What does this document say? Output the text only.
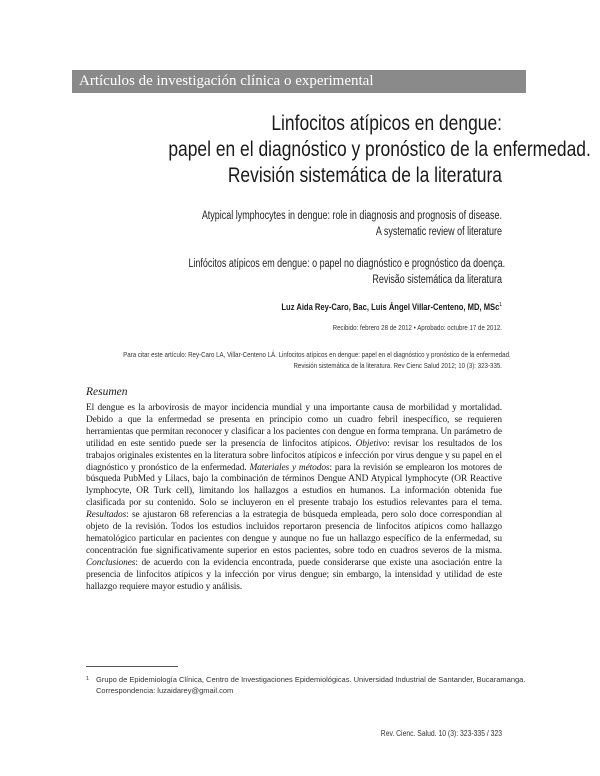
Artículos de investigación clínica o experimental
Linfocitos atípicos en dengue:
papel en el diagnóstico y pronóstico de la enfermedad.
Revisión sistemática de la literatura
Atypical lymphocytes in dengue: role in diagnosis and prognosis of disease.
A systematic review of literature
Linfócitos atípicos em dengue: o papel no diagnóstico e prognóstico da doença.
Revisão sistemática da literatura
Luz Aida Rey-Caro, Bac, Luis Ángel Villar-Centeno, MD, MSc$^1$
Recibido: febrero 28 de 2012 • Aprobado: octubre 17 de 2012.
Para citar este artículo: Rey-Caro LA, Villar-Centeno LÁ. Linfocitos atípicos en dengue: papel en el diagnóstico y pronóstico de la enfermedad.
Revisión sistemática de la literatura. Rev Cienc Salud 2012; 10 (3): 323-335.
Resumen

El dengue es la arbovirosis de mayor incidencia mundial y una importante causa de morbilidad y mortalidad. Debido a que la enfermedad se presenta en principio como un cuadro febril inespecífico, se requieren herramientas que permitan reconocer y clasificar a los pacientes con dengue en forma temprana. Un parámetro de utilidad en este sentido puede ser la presencia de linfocitos atípicos. Objetivo: revisar los resultados de los trabajos originales existentes en la literatura sobre linfocitos atípicos e infección por virus dengue y su papel en el diagnóstico y pronóstico de la enfermedad. Materiales y métodos: para la revisión se emplearon los motores de búsqueda PubMed y Lilacs, bajo la combinación de términos Dengue AND Atypical lymphocyte (OR Reactive lymphocyte, OR Turk cell), limitando los hallazgos a estudios en humanos. La información obtenida fue clasificada por su contenido. Solo se incluyeron en el presente trabajo los estudios relevantes para el tema. Resultados: se ajustaron 68 referencias a la estrategia de búsqueda empleada, pero solo doce correspondían al objeto de la revisión. Todos los estudios incluidos reportaron presencia de linfocitos atípicos como hallazgo hematológico particular en pacientes con dengue y aunque no fue un hallazgo específico de la enfermedad, su concentración fue significativamente superior en estos pacientes, sobre todo en cuadros severos de la misma. Conclusiones: de acuerdo con la evidencia encontrada, puede considerarse que existe una asociación entre la presencia de linfocitos atípicos y la infección por virus dengue; sin embargo, la intensidad y utilidad de este hallazgo requiere mayor estudio y análisis.

$^1$ Grupo de Epidemiología Clínica, Centro de Investigaciones Epidemiológicas. Universidad Industrial de Santander, Bucaramanga.
Correspondencia: luzaidarey@gmail.com
Rev. Cienc. Salud. 10 (3): 323-335 / 323
